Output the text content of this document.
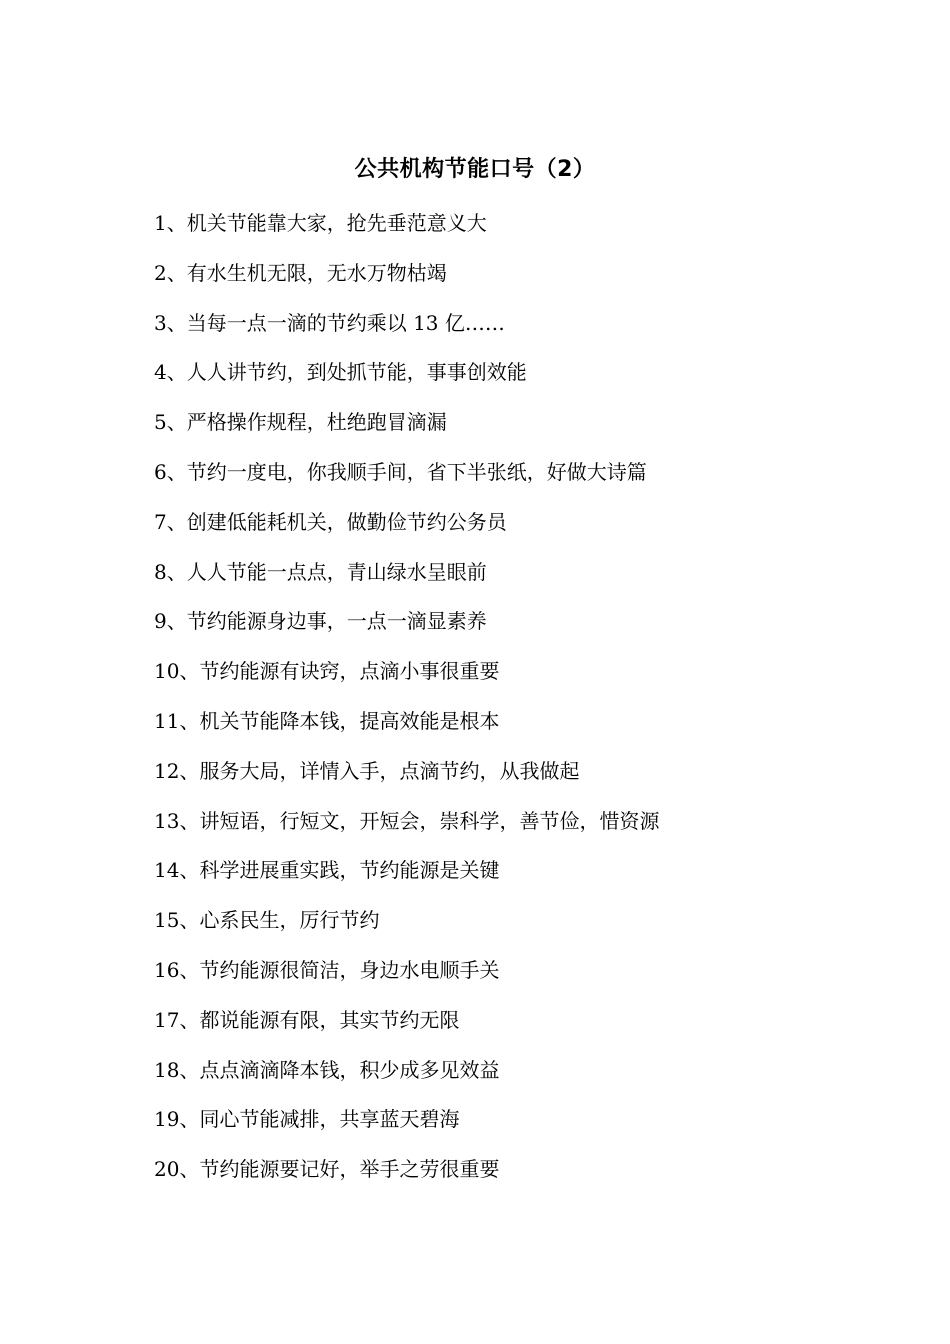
公共机构节能口号（2）
1、机关节能靠大家，抢先垂范意义大
2、有水生机无限，无水万物枯竭
3、当每一点一滴的节约乘以 13 亿……
4、人人讲节约，到处抓节能，事事创效能
5、严格操作规程，杜绝跑冒滴漏
6、节约一度电，你我顺手间，省下半张纸，好做大诗篇
7、创建低能耗机关，做勤俭节约公务员
8、人人节能一点点，青山绿水呈眼前
9、节约能源身边事，一点一滴显素养
10、节约能源有诀窍，点滴小事很重要
11、机关节能降本钱，提高效能是根本
12、服务大局，详情入手，点滴节约，从我做起
13、讲短语，行短文，开短会，崇科学，善节俭，惜资源
14、科学进展重实践，节约能源是关键
15、心系民生，厉行节约
16、节约能源很简洁，身边水电顺手关
17、都说能源有限，其实节约无限
18、点点滴滴降本钱，积少成多见效益
19、同心节能减排，共享蓝天碧海
20、节约能源要记好，举手之劳很重要
